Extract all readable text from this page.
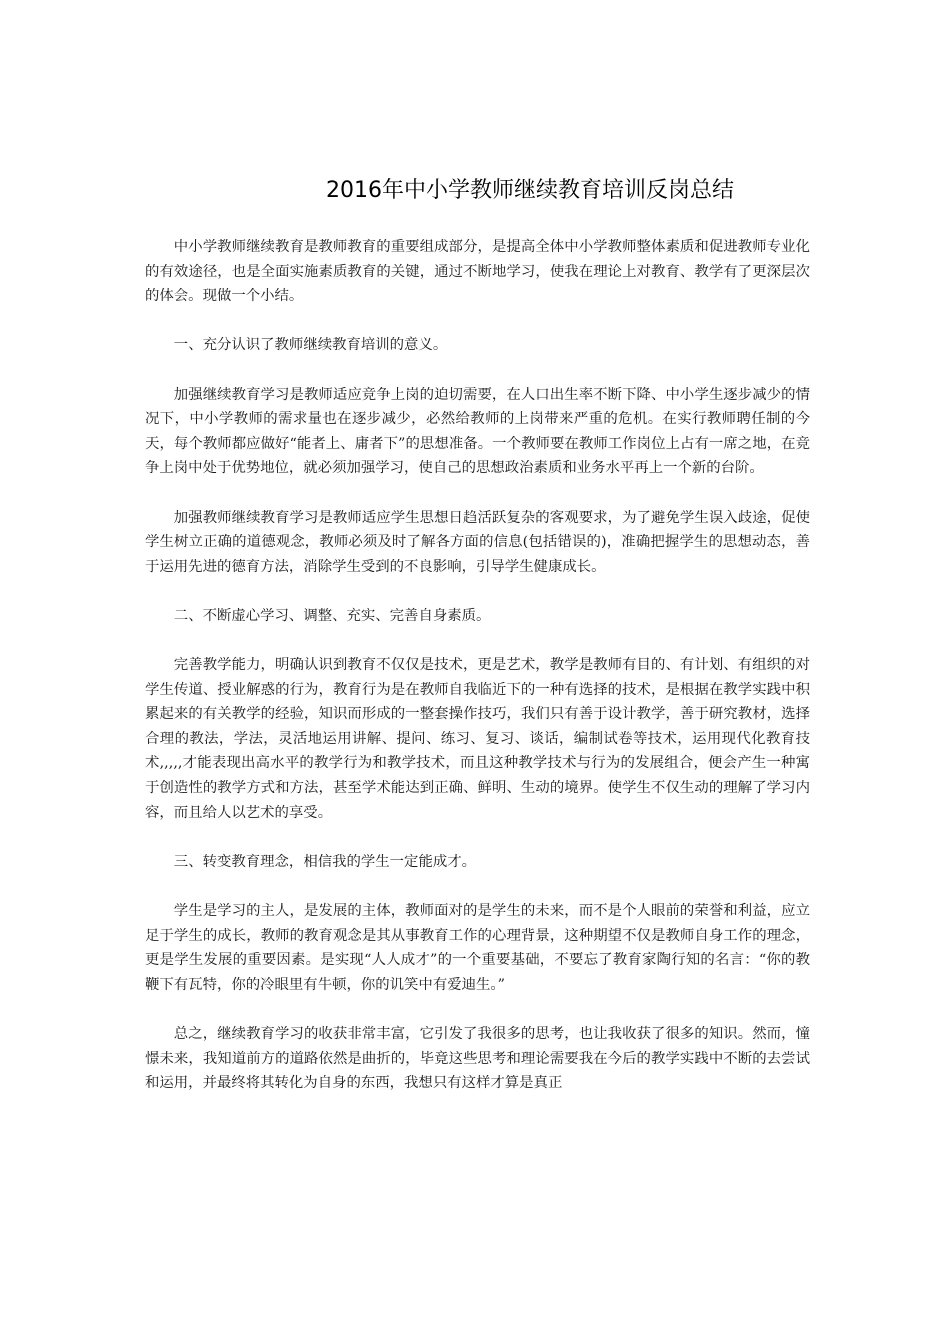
2016年中小学教师继续教育培训反岗总结

中小学教师继续教育是教师教育的重要组成部分，是提高全体中小学教师整体素质和促进教师专业化的有效途径，也是全面实施素质教育的关键，通过不断地学习，使我在理论上对教育、教学有了更深层次的体会。现做一个小结。

一、充分认识了教师继续教育培训的意义。

加强继续教育学习是教师适应竞争上岗的迫切需要，在人口出生率不断下降、中小学生逐步减少的情况下，中小学教师的需求量也在逐步减少，必然给教师的上岗带来严重的危机。在实行教师聘任制的今天，每个教师都应做好“能者上、庸者下”的思想准备。一个教师要在教师工作岗位上占有一席之地，在竞争上岗中处于优势地位，就必须加强学习，使自己的思想政治素质和业务水平再上一个新的台阶。

加强教师继续教育学习是教师适应学生思想日趋活跃复杂的客观要求，为了避免学生误入歧途，促使学生树立正确的道德观念，教师必须及时了解各方面的信息(包括错误的)，准确把握学生的思想动态，善于运用先进的德育方法，消除学生受到的不良影响，引导学生健康成长。

二、不断虚心学习、调整、充实、完善自身素质。

完善教学能力，明确认识到教育不仅仅是技术，更是艺术，教学是教师有目的、有计划、有组织的对学生传道、授业解惑的行为，教育行为是在教师自我临近下的一种有选择的技术，是根据在教学实践中积累起来的有关教学的经验，知识而形成的一整套操作技巧，我们只有善于设计教学，善于研究教材，选择合理的教法，学法，灵活地运用讲解、提问、练习、复习、谈话，编制试卷等技术，运用现代化教育技术,,,,,才能表现出高水平的教学行为和教学技术，而且这种教学技术与行为的发展组合，便会产生一种寓于创造性的教学方式和方法，甚至学术能达到正确、鲜明、生动的境界。使学生不仅生动的理解了学习内容，而且给人以艺术的享受。

三、转变教育理念，相信我的学生一定能成才。

学生是学习的主人，是发展的主体，教师面对的是学生的未来，而不是个人眼前的荣誉和利益，应立足于学生的成长，教师的教育观念是其从事教育工作的心理背景，这种期望不仅是教师自身工作的理念，更是学生发展的重要因素。是实现“人人成才”的一个重要基础，不要忘了教育家陶行知的名言：“你的教鞭下有瓦特，你的冷眼里有牛顿，你的讥笑中有爱迪生。”

总之，继续教育学习的收获非常丰富，它引发了我很多的思考，也让我收获了很多的知识。然而，憧憬未来，我知道前方的道路依然是曲折的，毕竟这些思考和理论需要我在今后的教学实践中不断的去尝试和运用，并最终将其转化为自身的东西，我想只有这样才算是真正
